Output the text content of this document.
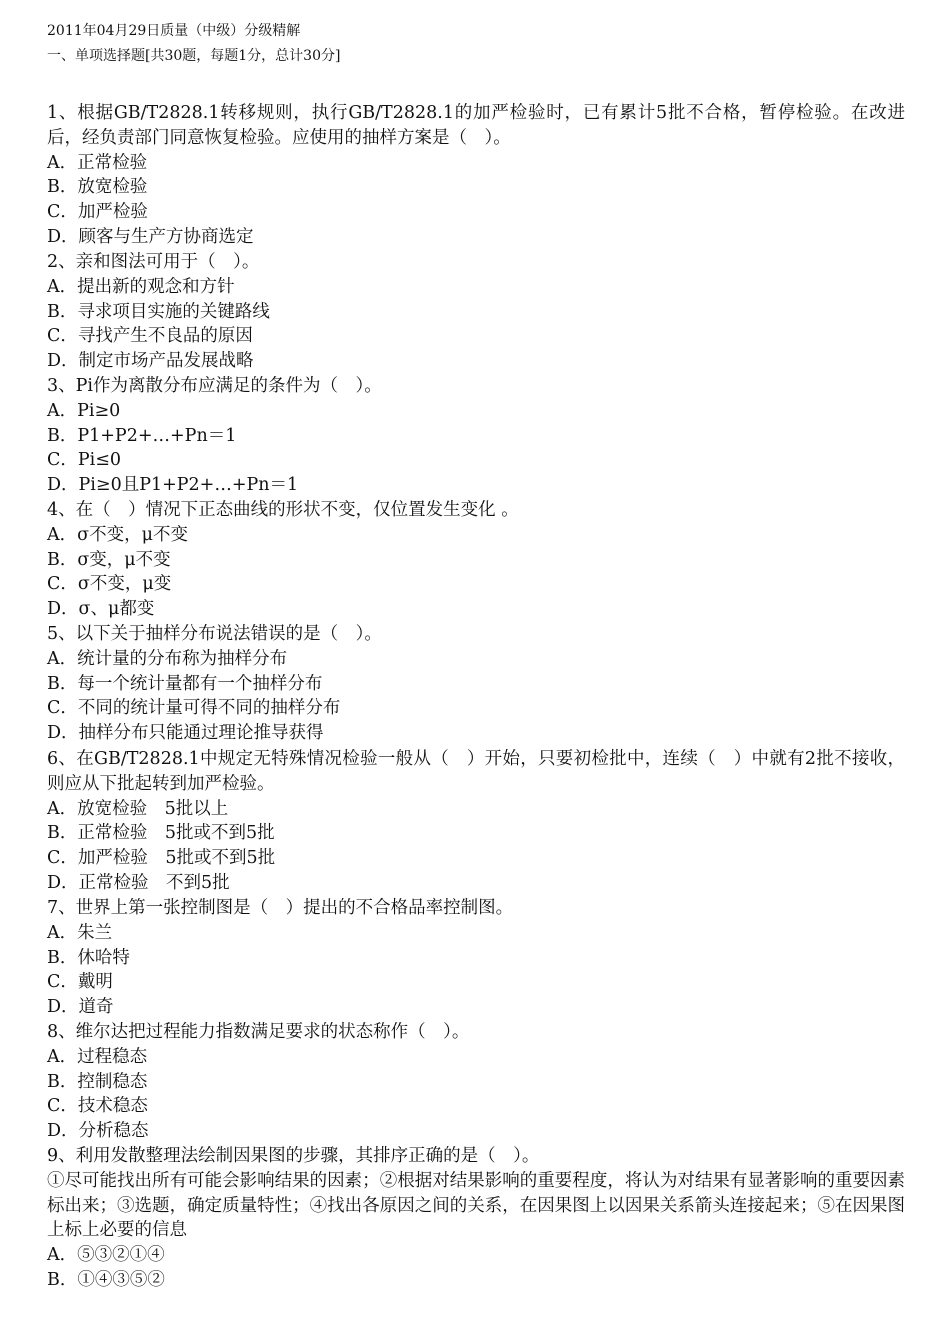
2011年04月29日质量（中级）分级精解
一、单项选择题[共30题，每题1分，总计30分]

1、根据GB/T2828.1转移规则，执行GB/T2828.1的加严检验时，已有累计5批不合格，暂停检验。在改进后，经负责部门同意恢复检验。应使用的抽样方案是（　）。

A．正常检验

B．放宽检验

C．加严检验

D．顾客与生产方协商选定

2、亲和图法可用于（　）。

A．提出新的观念和方针

B．寻求项目实施的关键路线

C．寻找产生不良品的原因

D．制定市场产品发展战略

3、Pi作为离散分布应满足的条件为（　）。

A．Pi≥0

B．P1+P2+…+Pn＝1

C．Pi≤0

D．Pi≥0且P1+P2+…+Pn＝1

4、在（　）情况下正态曲线的形状不变，仅位置发生变化 。

A．σ不变，μ不变

B．σ变，μ不变

C．σ不变，μ变

D．σ、μ都变

5、以下关于抽样分布说法错误的是（　）。

A．统计量的分布称为抽样分布

B．每一个统计量都有一个抽样分布

C．不同的统计量可得不同的抽样分布

D．抽样分布只能通过理论推导获得

6、在GB/T2828.1中规定无特殊情况检验一般从（　）开始，只要初检批中，连续（　）中就有2批不接收，则应从下批起转到加严检验。

A．放宽检验　5批以上

B．正常检验　5批或不到5批

C．加严检验　5批或不到5批

D．正常检验　不到5批

7、世界上第一张控制图是（　）提出的不合格品率控制图。

A．朱兰

B．休哈特

C．戴明

D．道奇

8、维尔达把过程能力指数满足要求的状态称作（　）。

A．过程稳态

B．控制稳态

C．技术稳态

D．分析稳态

9、利用发散整理法绘制因果图的步骤，其排序正确的是（　）。

①尽可能找出所有可能会影响结果的因素；②根据对结果影响的重要程度，将认为对结果有显著影响的重要因素标出来；③选题，确定质量特性；④找出各原因之间的关系，在因果图上以因果关系箭头连接起来；⑤在因果图上标上必要的信息

A．⑤③②①④

B．①④③⑤②
